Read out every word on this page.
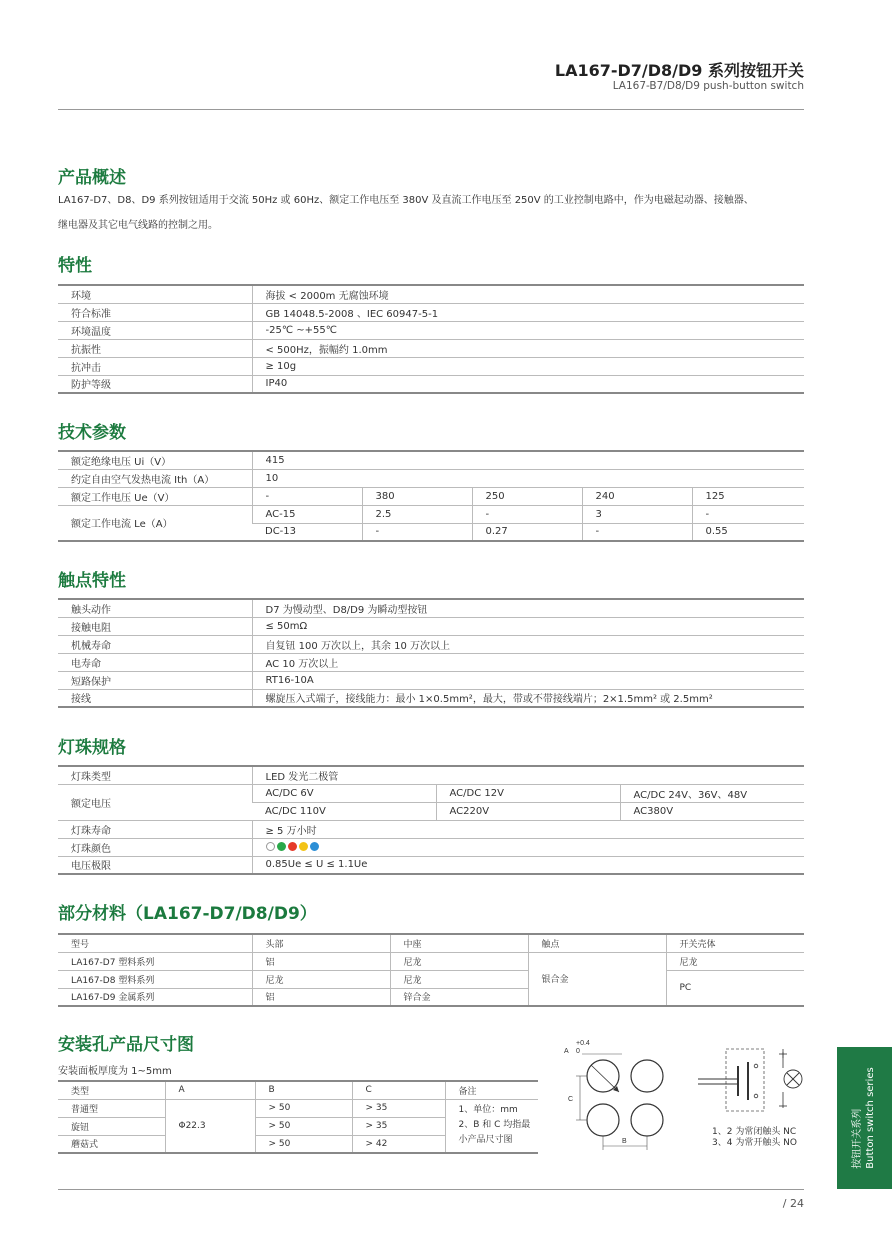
LA167-D7/D8/D9 系列按钮开关
LA167-B7/D8/D9 push-button switch
产品概述
LA167-D7、D8、D9 系列按钮适用于交流 50Hz 或 60Hz、额定工作电压至 380V 及直流工作电压至 250V 的工业控制电路中，作为电磁起动器、接触器、
继电器及其它电气线路的控制之用。
特性
环境	海拔 < 2000m 无腐蚀环境
符合标准	GB 14048.5-2008 、IEC 60947-5-1
环境温度	-25℃ ~+55℃
抗振性	< 500Hz，振幅约 1.0mm
抗冲击	≥ 10g
防护等级	IP40
技术参数
额定绝缘电压 Ui（V）	415				
约定自由空气发热电流 Ith（A）	10				
额定工作电压 Ue（V）	-	380	250	240	125
额定工作电流 Le（A）	AC-15	2.5	-	3	-
	DC-13	-	0.27	-	0.55
触点特性
触头动作	D7 为慢动型、D8/D9 为瞬动型按钮
接触电阻	≤ 50mΩ
机械寿命	自复钮 100 万次以上，其余 10 万次以上
电寿命	AC 10 万次以上
短路保护	RT16-10A
接线	螺旋压入式端子，接线能力：最小 1×0.5mm²，最大，带或不带接线端片；2×1.5mm² 或 2.5mm²
灯珠规格
灯珠类型	LED 发光二极管		
额定电压	AC/DC 6V	AC/DC 12V	AC/DC 24V、36V、48V
	AC/DC 110V	AC220V	AC380V
灯珠寿命	≥ 5 万小时		
灯珠颜色			

电压极限	0.85Ue ≤ U ≤ 1.1Ue		
部分材料（LA167-D7/D8/D9）
型号	头部	中座	触点	开关壳体
LA167-D7 塑料系列	铝	尼龙	银合金	尼龙
LA167-D8 塑料系列	尼龙	尼龙		PC
LA167-D9 金属系列	铝	锌合金		
安装孔产品尺寸图
安装面板厚度为 1~5mm
类型	A	B	C	备注
普通型	Φ22.3	> 50	> 35	1、单位：mm
2、B 和 C 均指最
小产品尺寸图

旋钮		> 50	> 35	
蘑菇式		> 50	> 42	
+0.4
A 0
C
B
1、2 为常闭触头 NC
3、4 为常开触头 NO	按钮开关系列 Button switch series
/ 24
